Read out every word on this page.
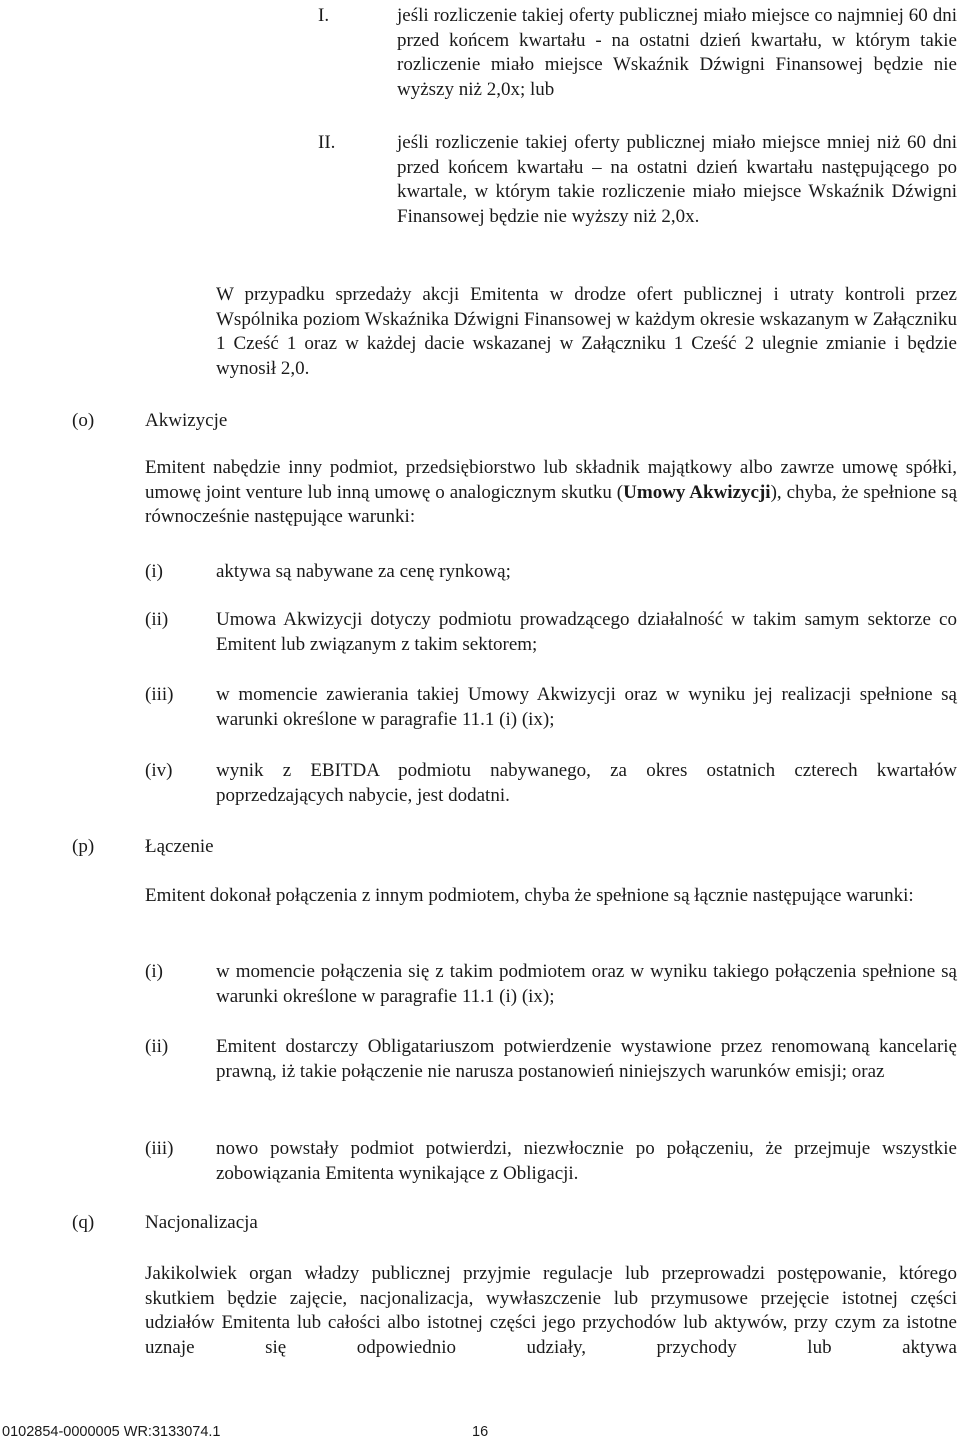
I.	jeśli rozliczenie takiej oferty publicznej miało miejsce co najmniej 60 dni przed końcem kwartału - na ostatni dzień kwartału, w którym takie rozliczenie miało miejsce Wskaźnik Dźwigni Finansowej będzie nie wyższy niż 2,0x; lub
II.	jeśli rozliczenie takiej oferty publicznej miało miejsce mniej niż 60 dni przed końcem kwartału – na ostatni dzień kwartału następującego po kwartale, w którym takie rozliczenie miało miejsce Wskaźnik Dźwigni Finansowej będzie nie wyższy niż 2,0x.
W przypadku sprzedaży akcji Emitenta w drodze ofert publicznej i utraty kontroli przez Wspólnika poziom Wskaźnika Dźwigni Finansowej w każdym okresie wskazanym w Załączniku 1 Cześć 1 oraz w każdej dacie wskazanej w Załączniku 1 Cześć 2 ulegnie zmianie i będzie wynosił 2,0.
(o)	Akwizycje
Emitent nabędzie inny podmiot, przedsiębiorstwo lub składnik majątkowy albo zawrze umowę spółki, umowę joint venture lub inną umowę o analogicznym skutku (Umowy Akwizycji), chyba, że spełnione są równocześnie następujące warunki:
(i)	aktywa są nabywane za cenę rynkową;
(ii)	Umowa Akwizycji dotyczy podmiotu prowadzącego działalność w takim samym sektorze co Emitent lub związanym z takim sektorem;
(iii) w momencie zawierania takiej Umowy Akwizycji oraz w wyniku jej realizacji spełnione są warunki określone w paragrafie 11.1 (i) (ix);
(iv) wynik z EBITDA podmiotu nabywanego, za okres ostatnich czterech kwartałów poprzedzających nabycie, jest dodatni.
(p)	Łączenie
Emitent dokonał połączenia z innym podmiotem, chyba że spełnione są łącznie następujące warunki:
(i)	w momencie połączenia się z takim podmiotem oraz w wyniku takiego połączenia spełnione są warunki określone w paragrafie 11.1 (i) (ix);
(ii)	Emitent dostarczy Obligatariuszom potwierdzenie wystawione przez renomowaną kancelarię prawną, iż takie połączenie nie narusza postanowień niniejszych warunków emisji; oraz
(iii) nowo powstały podmiot potwierdzi, niezwłocznie po połączeniu, że przejmuje wszystkie zobowiązania Emitenta wynikające z Obligacji.
(q)	Nacjonalizacja
Jakikolwiek organ władzy publicznej przyjmie regulacje lub przeprowadzi postępowanie, którego skutkiem będzie zajęcie, nacjonalizacja, wywłaszczenie lub przymusowe przejęcie istotnej części udziałów Emitenta lub całości albo istotnej części jego przychodów lub aktywów, przy czym za istotne uznaje się odpowiednio udziały, przychody lub aktywa
0102854-0000005 WR:3133074.1	16
